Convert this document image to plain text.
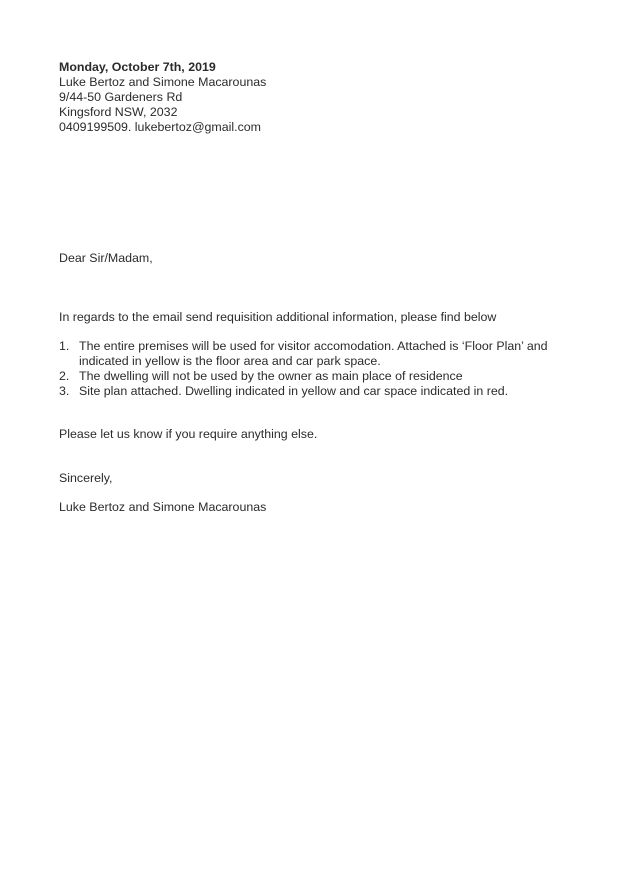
Monday, October 7th, 2019
Luke Bertoz and Simone Macarounas
9/44-50 Gardeners Rd
Kingsford NSW, 2032
0409199509. lukebertoz@gmail.com
Dear Sir/Madam,
In regards to the email send requisition additional information, please find below
1. The entire premises will be used for visitor accomodation. Attached is ‘Floor Plan’ and indicated in yellow is the floor area and car park space.
2. The dwelling will not be used by the owner as main place of residence
3. Site plan attached. Dwelling indicated in yellow and car space indicated in red.
Please let us know if you require anything else.
Sincerely,
Luke Bertoz and Simone Macarounas
